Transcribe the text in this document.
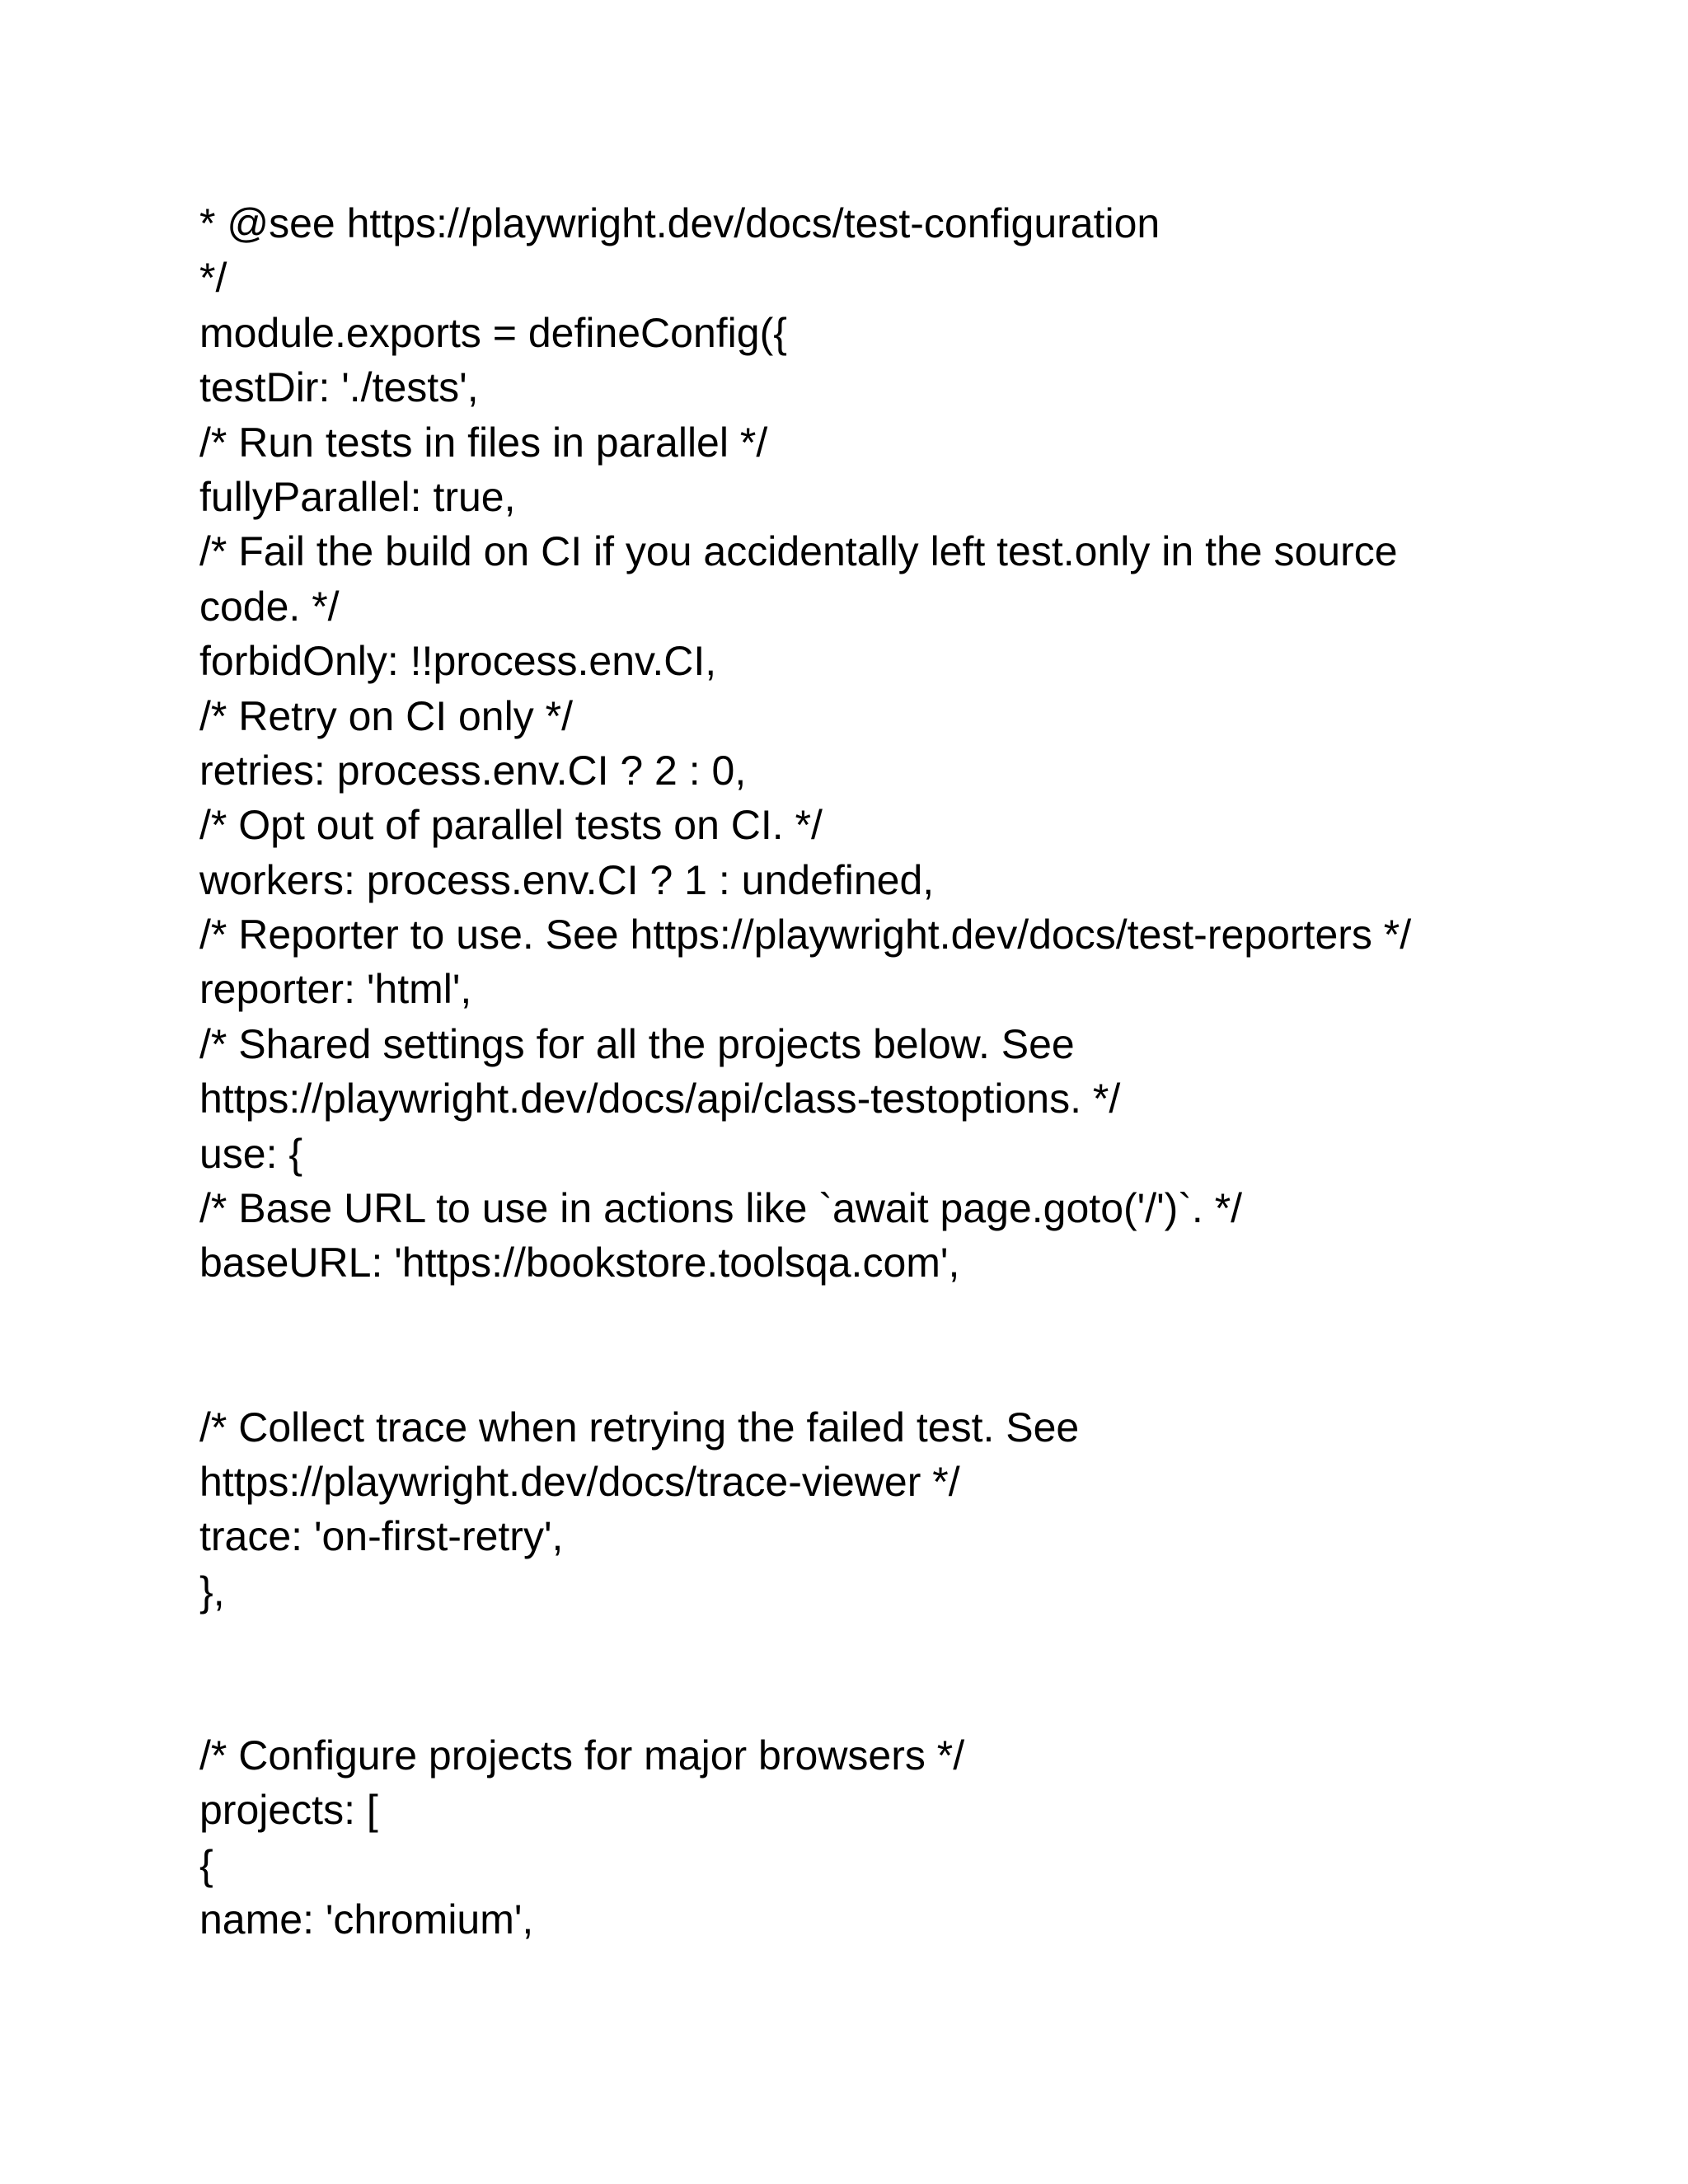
* @see https://playwright.dev/docs/test-configuration

*/

module.exports = defineConfig({

testDir: './tests',

/* Run tests in files in parallel */

fullyParallel: true,

/* Fail the build on CI if you accidentally left test.only in the source

code. */

forbidOnly: !!process.env.CI,

/* Retry on CI only */

retries: process.env.CI ? 2 : 0,

/* Opt out of parallel tests on CI. */

workers: process.env.CI ? 1 : undefined,

/* Reporter to use. See https://playwright.dev/docs/test-reporters */

reporter: 'html',

/* Shared settings for all the projects below. See

https://playwright.dev/docs/api/class-testoptions. */

use: {

/* Base URL to use in actions like `await page.goto('/')`. */

baseURL: 'https://bookstore.toolsqa.com',

/* Collect trace when retrying the failed test. See

https://playwright.dev/docs/trace-viewer */

trace: 'on-first-retry',

},

/* Configure projects for major browsers */

projects: [

{

name: 'chromium',
